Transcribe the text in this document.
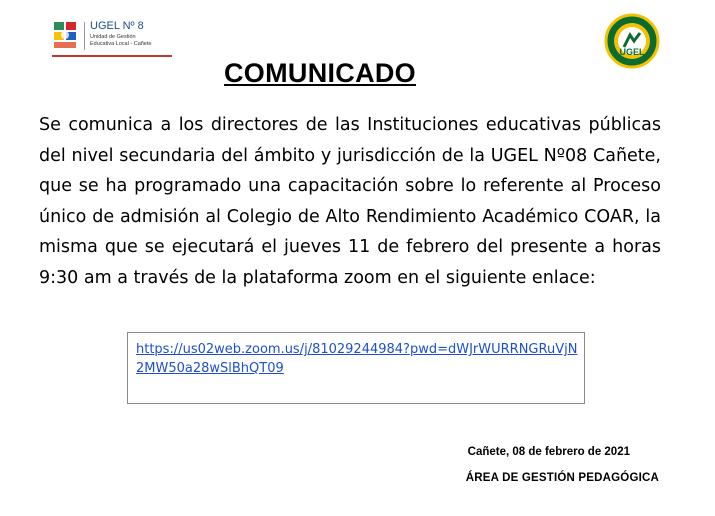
UGEL Nº 8
Unidad de Gestión
Educativa Local - Cañete
UGEL
COMUNICADO
Se comunica a los directores de las Instituciones educativas públicas del nivel secundaria del ámbito y jurisdicción de la UGEL Nº08 Cañete, que se ha programado una capacitación sobre lo referente al Proceso único de admisión al Colegio de Alto Rendimiento Académico COAR, la misma que se ejecutará el jueves 11 de febrero del presente a horas 9:30 am a través de la plataforma zoom en el siguiente enlace:
https://us02web.zoom.us/j/81029244984?pwd=dWJrWURRNGRuVjN2MW50a28wSlBhQT09
Cañete, 08 de febrero de 2021
ÁREA DE GESTIÓN PEDAGÓGICA
